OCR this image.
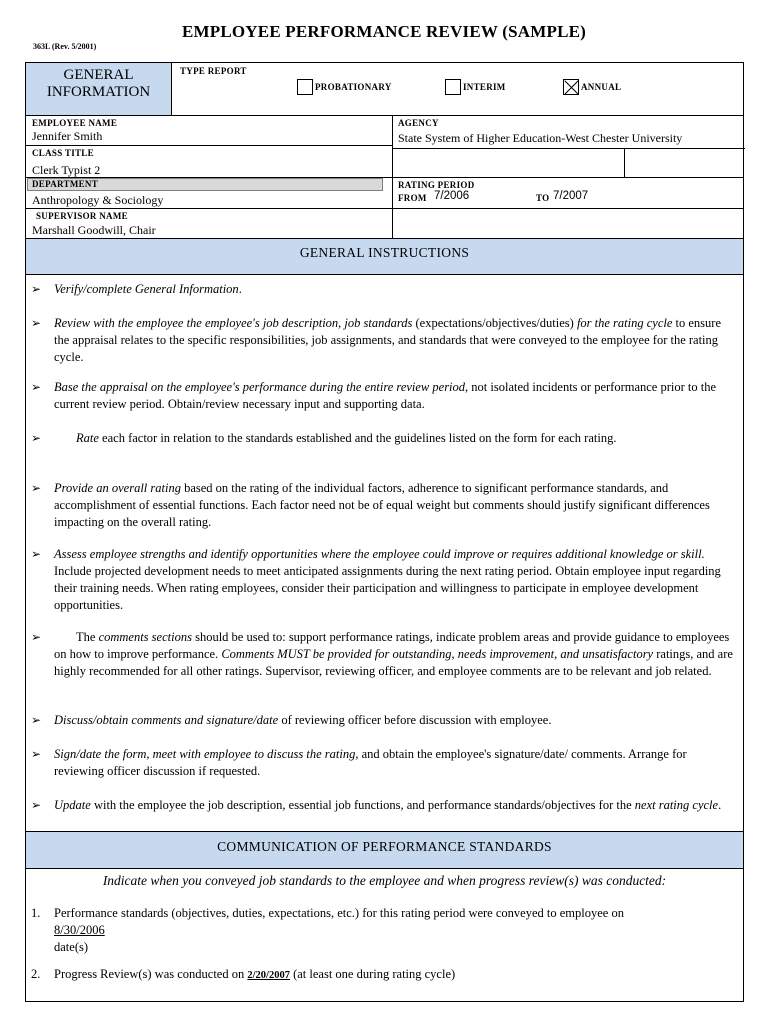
EMPLOYEE PERFORMANCE REVIEW (SAMPLE)
363L (Rev. 5/2001)
GENERAL
INFORMATION
TYPE REPORT
PROBATIONARY	INTERIM	ANNUAL
EMPLOYEE NAME
Jennifer Smith
AGENCY
State System of Higher Education-West Chester University
CLASS TITLE
Clerk Typist 2
DEPARTMENT
Anthropology & Sociology
RATING PERIOD
FROM 7/2006	TO 7/2007
SUPERVISOR NAME
Marshall Goodwill, Chair
GENERAL INSTRUCTIONS
➢ Verify/complete General Information.
➢ Review with the employee the employee's job description, job standards (expectations/objectives/duties) for the rating cycle to ensure the appraisal relates to the specific responsibilities, job assignments, and standards that were conveyed to the employee for the rating cycle.
➢ Base the appraisal on the employee's performance during the entire review period, not isolated incidents or performance prior to the current review period. Obtain/review necessary input and supporting data.
➢	Rate each factor in relation to the standards established and the guidelines listed on the form for each rating.
➢ Provide an overall rating based on the rating of the individual factors, adherence to significant performance standards, and accomplishment of essential functions. Each factor need not be of equal weight but comments should justify significant differences impacting on the overall rating.
➢ Assess employee strengths and identify opportunities where the employee could improve or requires additional knowledge or skill. Include projected development needs to meet anticipated assignments during the next rating period. Obtain employee input regarding their training needs. When rating employees, consider their participation and willingness to participate in employee development opportunities.
➢	The comments sections should be used to: support performance ratings, indicate problem areas and provide guidance to employees on how to improve performance. Comments MUST be provided for outstanding, needs improvement, and unsatisfactory ratings, and are highly recommended for all other ratings. Supervisor, reviewing officer, and employee comments are to be relevant and job related.
➢ Discuss/obtain comments and signature/date of reviewing officer before discussion with employee.
➢ Sign/date the form, meet with employee to discuss the rating, and obtain the employee's signature/date/ comments. Arrange for reviewing officer discussion if requested.
➢ Update with the employee the job description, essential job functions, and performance standards/objectives for the next rating cycle.
COMMUNICATION OF PERFORMANCE STANDARDS
Indicate when you conveyed job standards to the employee and when progress review(s) was conducted:
1. Performance standards (objectives, duties, expectations, etc.) for this rating period were conveyed to employee on
8/30/2006
date(s)
2. Progress Review(s) was conducted on 2/20/2007 (at least one during rating cycle)
